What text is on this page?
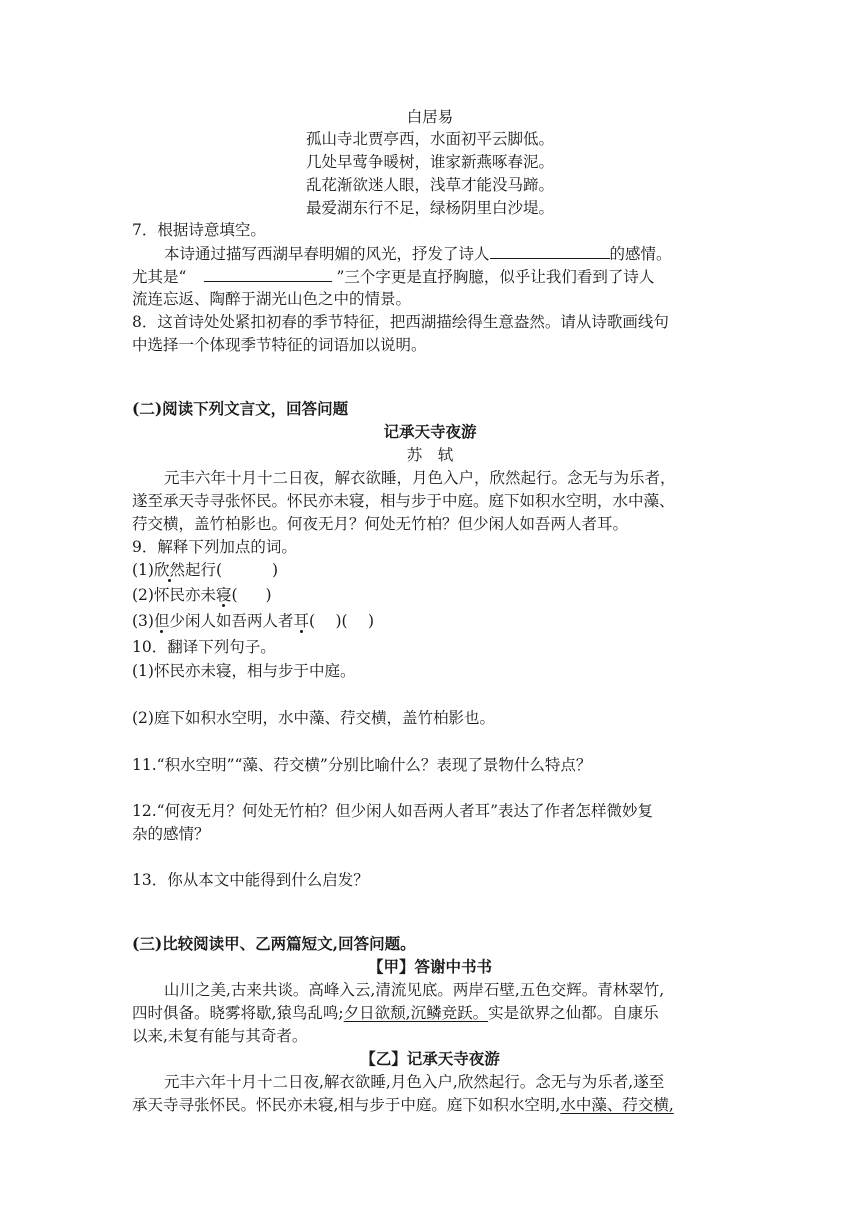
白居易
孤山寺北贾亭西，水面初平云脚低。
几处早莺争暖树，谁家新燕啄春泥。
乱花渐欲迷人眼，浅草才能没马蹄。
最爱湖东行不足，绿杨阴里白沙堤。
7．根据诗意填空。
本诗通过描写西湖早春明媚的风光，抒发了诗人	的感情。
尤其是“	”三个字更是直抒胸臆，似乎让我们看到了诗人
流连忘返、陶醉于湖光山色之中的情景。
8．这首诗处处紧扣初春的季节特征，把西湖描绘得生意盎然。请从诗歌画线句
中选择一个体现季节特征的词语加以说明。
(二)阅读下列文言文，回答问题
记承天寺夜游
苏　轼
元丰六年十月十二日夜，解衣欲睡，月色入户，欣然起行。念无与为乐者，
遂至承天寺寻张怀民。怀民亦未寝，相与步于中庭。庭下如积水空明，水中藻、
荇交横，盖竹柏影也。何夜无月？何处无竹柏？但少闲人如吾两人者耳。
9．解释下列加点的词。
(1)欣然起行(	)
(2)怀民亦未寝( )
(3)但少闲人如吾两人者耳(　 )(　 )
10．翻译下列句子。
(1)怀民亦未寝，相与步于中庭。
(2)庭下如积水空明，水中藻、荇交横，盖竹柏影也。
11.“积水空明”“藻、荇交横”分别比喻什么？表现了景物什么特点？
12.“何夜无月？何处无竹柏？但少闲人如吾两人者耳”表达了作者怎样微妙复
杂的感情？
13．你从本文中能得到什么启发？
(三)比较阅读甲、乙两篇短文,回答问题。
【甲】答谢中书书
山川之美,古来共谈。高峰入云,清流见底。两岸石壁,五色交辉。青林翠竹,
四时俱备。晓雾将歇,猿鸟乱鸣;夕日欲颓,沉鳞竞跃。实是欲界之仙都。自康乐
以来,未复有能与其奇者。
【乙】记承天寺夜游
元丰六年十月十二日夜,解衣欲睡,月色入户,欣然起行。念无与为乐者,遂至
承天寺寻张怀民。怀民亦未寝,相与步于中庭。庭下如积水空明,水中藻、荇交横,
